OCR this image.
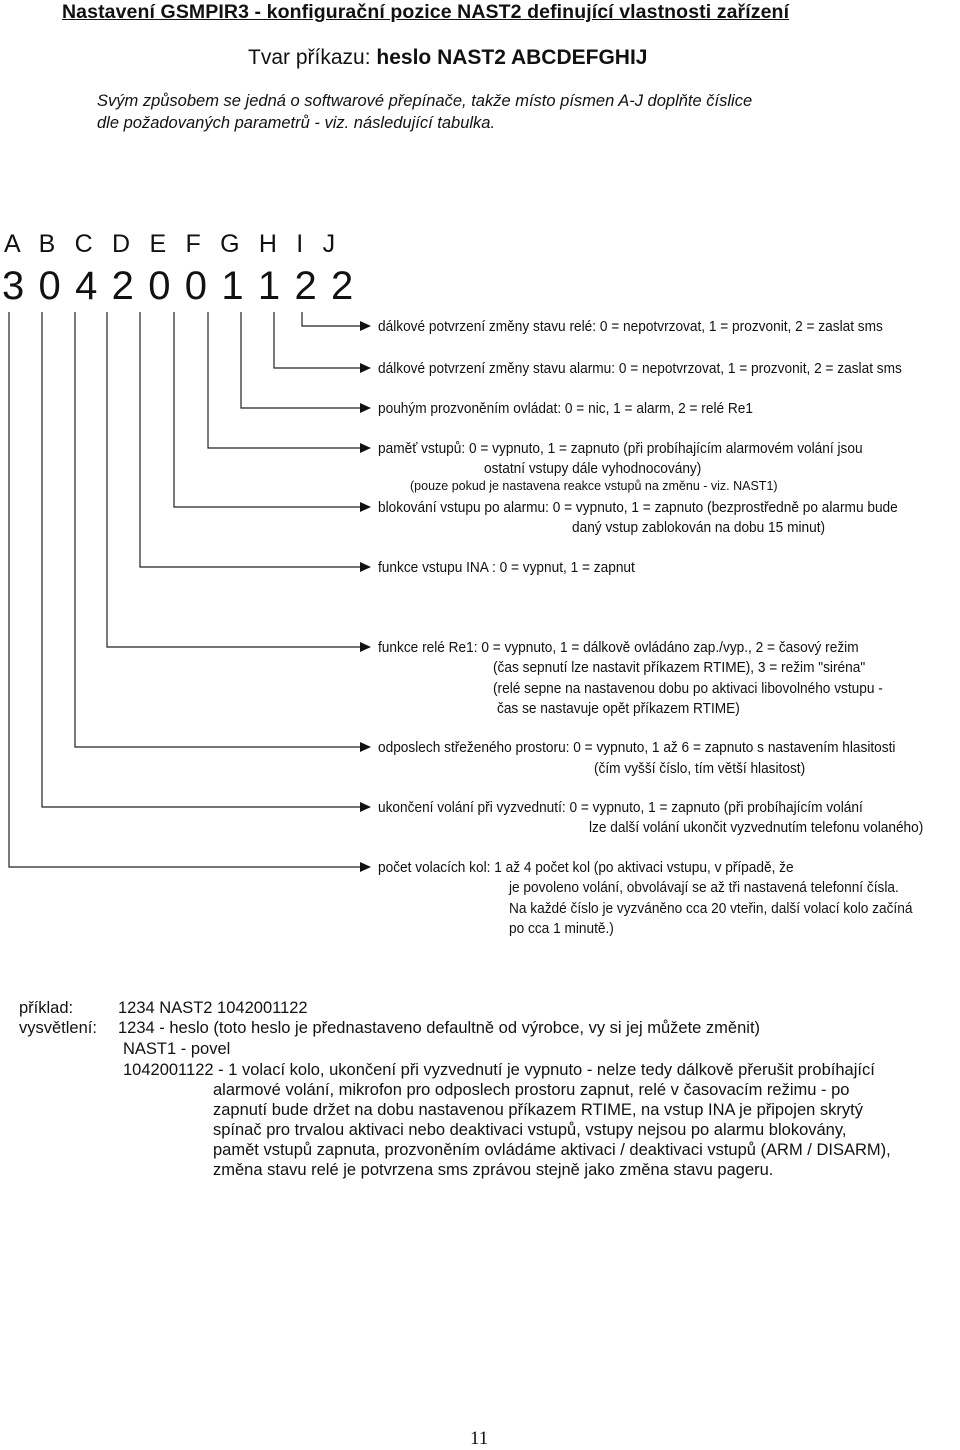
Nastavení GSMPIR3 - konfigurační pozice NAST2 definující vlastnosti zařízení
Tvar příkazu: heslo NAST2 ABCDEFGHIJ
Svým způsobem se jedná o softwarové přepínače, takže místo písmen A-J doplňte číslice
dle požadovaných parametrů - viz. následující tabulka.
A B C D E F G H I J
3 0 4 2 0 0 1 1 2 2
dálkové potvrzení změny stavu relé: 0 = nepotvrzovat, 1 = prozvonit, 2 = zaslat sms
dálkové potvrzení změny stavu alarmu: 0 = nepotvrzovat, 1 = prozvonit, 2 = zaslat sms
pouhým prozvoněním ovládat: 0 = nic, 1 = alarm, 2 = relé Re1
paměť vstupů: 0 = vypnuto, 1 = zapnuto (při probíhajícím alarmovém volání jsou
ostatní vstupy dále vyhodnocovány)
(pouze pokud je nastavena reakce vstupů na změnu - viz. NAST1)
blokování vstupu po alarmu: 0 = vypnuto, 1 = zapnuto (bezprostředně po alarmu bude
daný vstup zablokován na dobu 15 minut)
funkce vstupu INA : 0 = vypnut, 1 = zapnut
funkce relé Re1: 0 = vypnuto, 1 = dálkově ovládáno zap./vyp., 2 = časový režim
(čas sepnutí lze nastavit příkazem RTIME), 3 = režim "siréna"
(relé sepne na nastavenou dobu po aktivaci libovolného vstupu -
čas se nastavuje opět příkazem RTIME)
odposlech střeženého prostoru: 0 = vypnuto, 1 až 6 = zapnuto s nastavením hlasitosti
(čím vyšší číslo, tím větší hlasitost)
ukončení volání při vyzvednutí: 0 = vypnuto, 1 = zapnuto (při probíhajícím volání
lze další volání ukončit vyzvednutím telefonu volaného)
počet volacích kol: 1 až 4 počet kol (po aktivaci vstupu, v případě, že
je povoleno volání, obvolávají se až tři nastavená telefonní čísla.
Na každé číslo je vyzváněno cca 20 vteřin, další volací kolo začíná
po cca 1 minutě.)
příklad:	1234 NAST2 1042001122
vysvětlení: 1234 - heslo (toto heslo je přednastaveno defaultně od výrobce, vy si jej můžete změnit)
NAST1 - povel
1042001122 - 1 volací kolo, ukončení při vyzvednutí je vypnuto - nelze tedy dálkově přerušit probíhající
alarmové volání, mikrofon pro odposlech prostoru zapnut, relé v časovacím režimu - po
zapnutí bude držet na dobu nastavenou příkazem RTIME, na vstup INA je připojen skrytý
spínač pro trvalou aktivaci nebo deaktivaci vstupů, vstupy nejsou po alarmu blokovány,
pamět vstupů zapnuta, prozvoněním ovládáme aktivaci / deaktivaci vstupů (ARM / DISARM),
změna stavu relé je potvrzena sms zprávou stejně jako změna stavu pageru.
11
